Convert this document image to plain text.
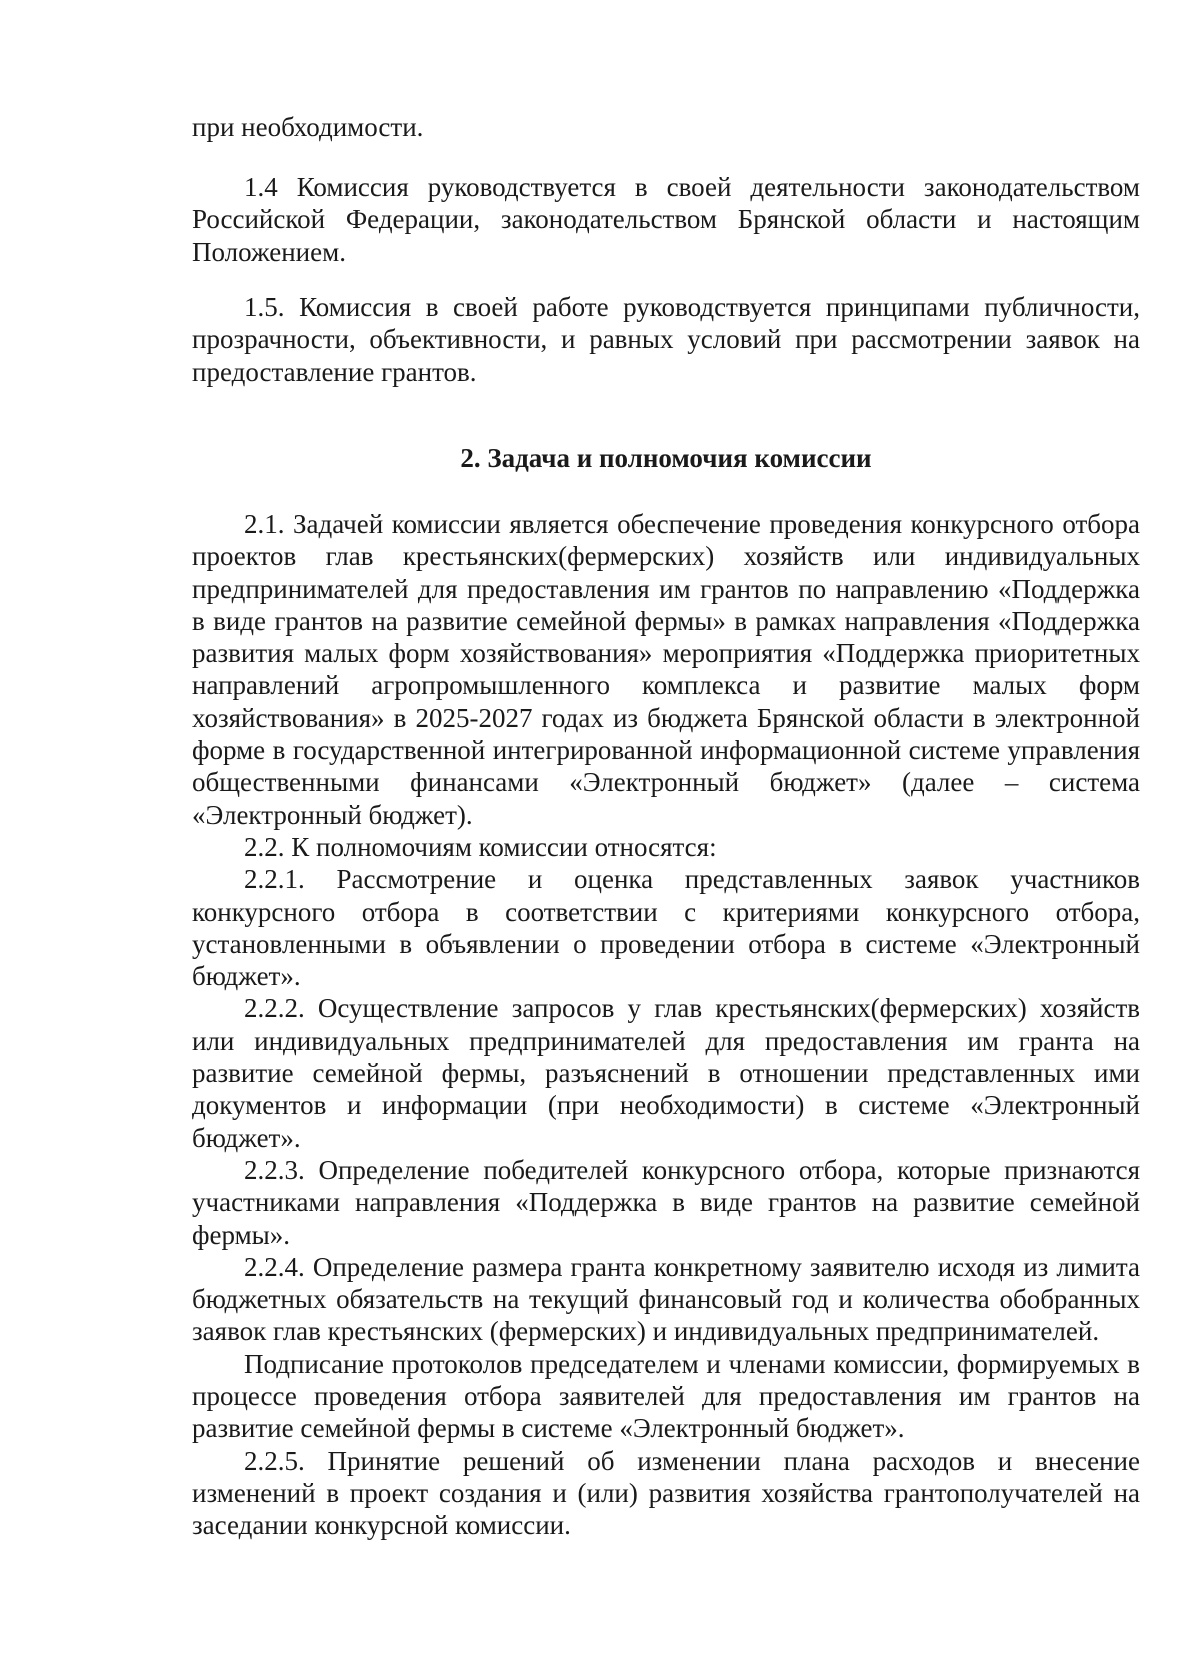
при необходимости.

1.4 Комиссия руководствуется в своей деятельности законодательством Российской Федерации, законодательством Брянской области и настоящим Положением.

1.5. Комиссия в своей работе руководствуется принципами публичности, прозрачности, объективности, и равных условий при рассмотрении заявок на предоставление грантов.

2. Задача и полномочия комиссии

2.1. Задачей комиссии является обеспечение проведения конкурсного отбора проектов глав крестьянских(фермерских) хозяйств или индивидуальных предпринимателей для предоставления им грантов по направлению «Поддержка в виде грантов на развитие семейной фермы» в рамках направления «Поддержка развития малых форм хозяйствования» мероприятия «Поддержка приоритетных направлений агропромышленного комплекса и развитие малых форм хозяйствования» в 2025-2027 годах из бюджета Брянской области в электронной форме в государственной интегрированной информационной системе управления общественными финансами «Электронный бюджет» (далее – система «Электронный бюджет).

2.2. К полномочиям комиссии относятся:

2.2.1. Рассмотрение и оценка представленных заявок участников конкурсного отбора в соответствии с критериями конкурсного отбора, установленными в объявлении о проведении отбора в системе «Электронный бюджет».

2.2.2. Осуществление запросов у глав крестьянских(фермерских) хозяйств или индивидуальных предпринимателей для предоставления им гранта на развитие семейной фермы, разъяснений в отношении представленных ими документов и информации (при необходимости) в системе «Электронный бюджет».

2.2.3. Определение победителей конкурсного отбора, которые признаются участниками направления «Поддержка в виде грантов на развитие семейной фермы».

2.2.4. Определение размера гранта конкретному заявителю исходя из лимита бюджетных обязательств на текущий финансовый год и количества обобранных заявок глав крестьянских (фермерских) и индивидуальных предпринимателей.

Подписание протоколов председателем и членами комиссии, формируемых в процессе проведения отбора заявителей для предоставления им грантов на развитие семейной фермы в системе «Электронный бюджет».

2.2.5. Принятие решений об изменении плана расходов и внесение изменений в проект создания и (или) развития хозяйства грантополучателей на заседании конкурсной комиссии.
